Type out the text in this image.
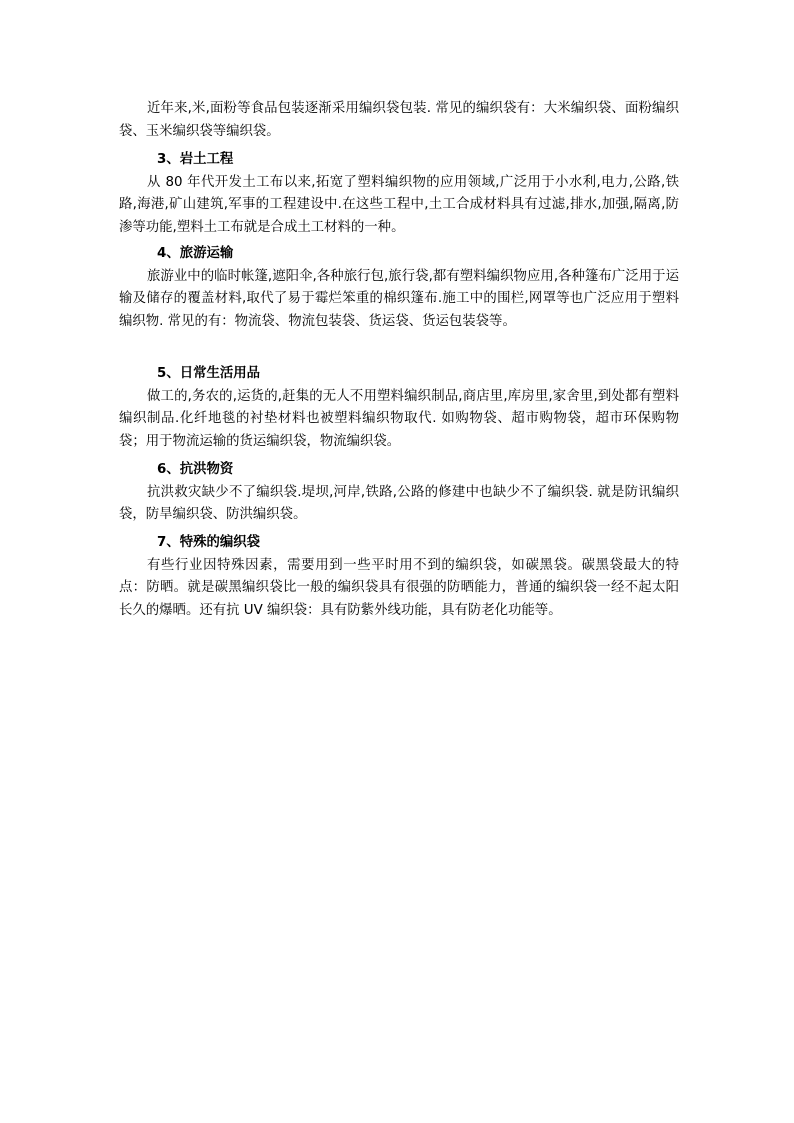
近年来,米,面粉等食品包装逐渐采用编织袋包装. 常见的编织袋有：大米编织袋、面粉编织袋、玉米编织袋等编织袋。

3、岩土工程

从 80 年代开发土工布以来,拓宽了塑料编织物的应用领域,广泛用于小水利,电力,公路,铁路,海港,矿山建筑,军事的工程建设中.在这些工程中,土工合成材料具有过滤,排水,加强,隔离,防渗等功能,塑料土工布就是合成土工材料的一种。

4、旅游运输

旅游业中的临时帐篷,遮阳伞,各种旅行包,旅行袋,都有塑料编织物应用,各种篷布广泛用于运输及储存的覆盖材料,取代了易于霉烂笨重的棉织篷布.施工中的围栏,网罩等也广泛应用于塑料编织物. 常见的有：物流袋、物流包装袋、货运袋、货运包装袋等。

5、日常生活用品

做工的,务农的,运货的,赶集的无人不用塑料编织制品,商店里,库房里,家舍里,到处都有塑料编织制品.化纤地毯的衬垫材料也被塑料编织物取代. 如购物袋、超市购物袋，超市环保购物袋；用于物流运输的货运编织袋，物流编织袋。

6、抗洪物资

抗洪救灾缺少不了编织袋.堤坝,河岸,铁路,公路的修建中也缺少不了编织袋. 就是防讯编织袋，防旱编织袋、防洪编织袋。

7、特殊的编织袋

有些行业因特殊因素，需要用到一些平时用不到的编织袋，如碳黑袋。碳黑袋最大的特点：防晒。就是碳黑编织袋比一般的编织袋具有很强的防晒能力，普通的编织袋一经不起太阳长久的爆晒。还有抗 UV 编织袋：具有防紫外线功能，具有防老化功能等。
